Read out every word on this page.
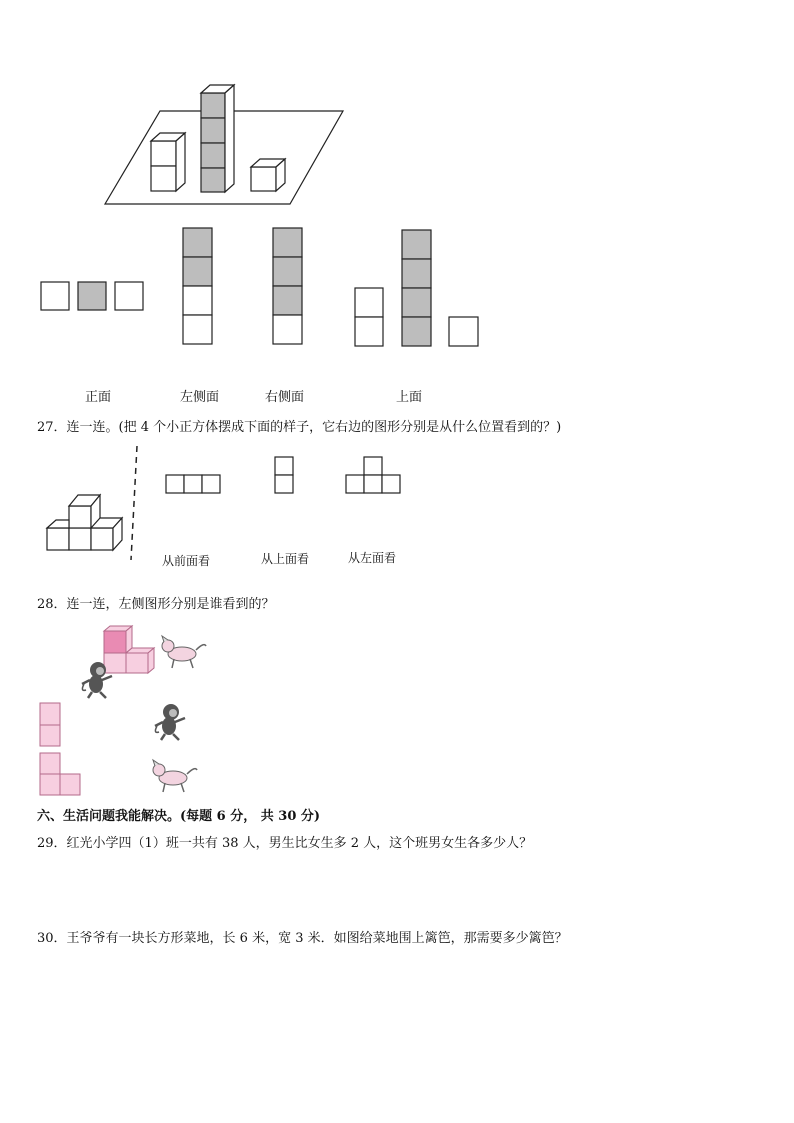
正面	左侧面	右侧面	上面
27．连一连。(把 4 个小正方体摆成下面的样子，它右边的图形分别是从什么位置看到的？)
从前面看	从上面看	从左面看
28．连一连，左侧图形分别是谁看到的？
六、生活问题我能解决。(每题 6 分， 共 30 分)
29．红光小学四（1）班一共有 38 人，男生比女生多 2 人，这个班男女生各多少人？
30．王爷爷有一块长方形菜地，长 6 米，宽 3 米．如图给菜地围上篱笆，那需要多少篱笆？
